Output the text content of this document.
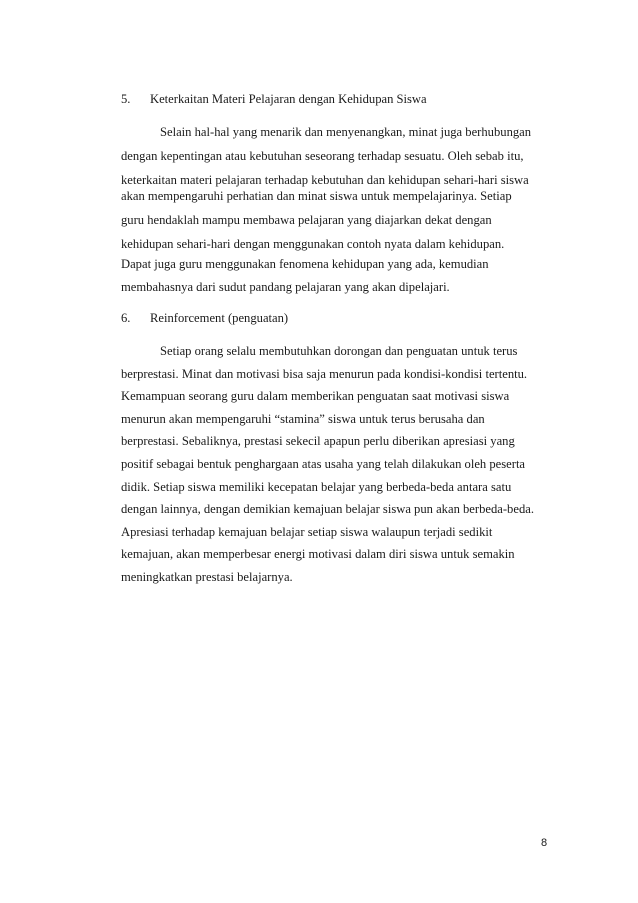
5. Keterkaitan Materi Pelajaran dengan Kehidupan Siswa
Selain hal-hal yang menarik dan menyenangkan, minat juga berhubungan
dengan kepentingan atau kebutuhan seseorang terhadap sesuatu. Oleh sebab itu,
keterkaitan materi pelajaran terhadap kebutuhan dan kehidupan sehari-hari siswa
akan mempengaruhi perhatian dan minat siswa untuk mempelajarinya. Setiap
guru hendaklah mampu membawa pelajaran yang diajarkan dekat dengan
kehidupan sehari-hari dengan menggunakan contoh nyata dalam kehidupan.
Dapat juga guru menggunakan fenomena kehidupan yang ada, kemudian
membahasnya dari sudut pandang pelajaran yang akan dipelajari.
6. Reinforcement (penguatan)
Setiap orang selalu membutuhkan dorongan dan penguatan untuk terus
berprestasi. Minat dan motivasi bisa saja menurun pada kondisi-kondisi tertentu.
Kemampuan seorang guru dalam memberikan penguatan saat motivasi siswa
menurun akan mempengaruhi “stamina” siswa untuk terus berusaha dan
berprestasi. Sebaliknya, prestasi sekecil apapun perlu diberikan apresiasi yang
positif sebagai bentuk penghargaan atas usaha yang telah dilakukan oleh peserta
didik. Setiap siswa memiliki kecepatan belajar yang berbeda-beda antara satu
dengan lainnya, dengan demikian kemajuan belajar siswa pun akan berbeda-beda.
Apresiasi terhadap kemajuan belajar setiap siswa walaupun terjadi sedikit
kemajuan, akan memperbesar energi motivasi dalam diri siswa untuk semakin
meningkatkan prestasi belajarnya.
8
